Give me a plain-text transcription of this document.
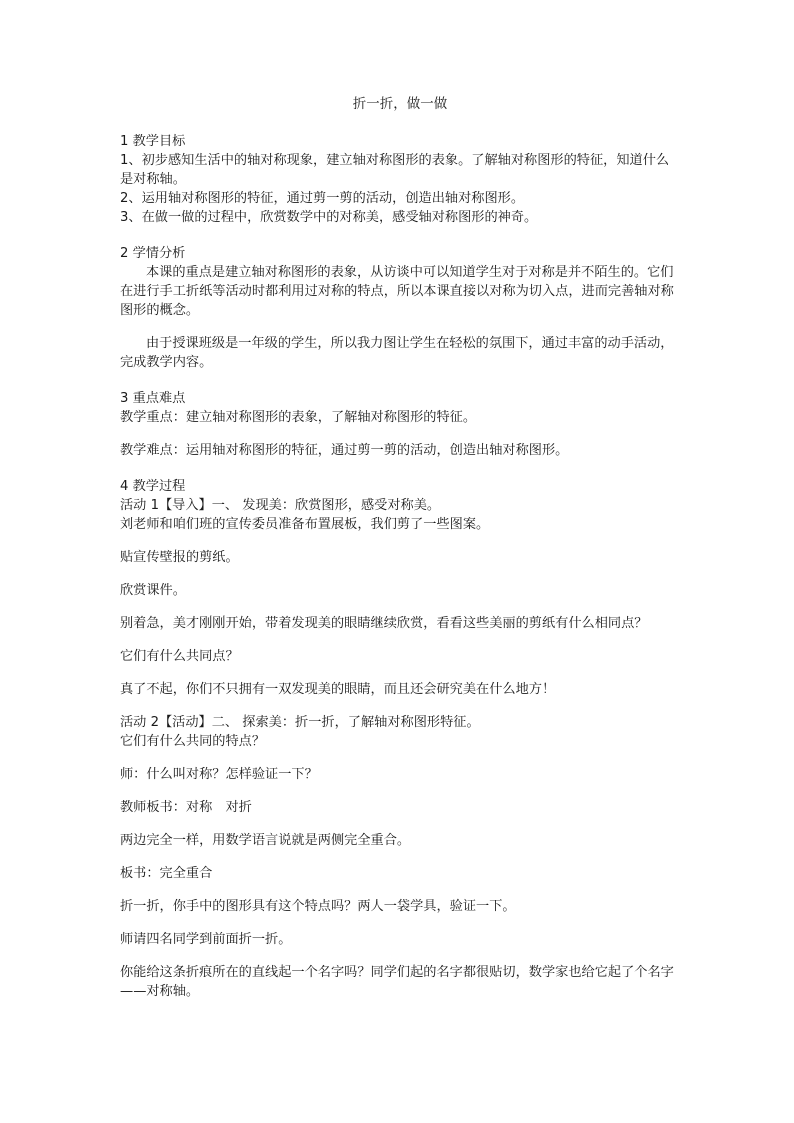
折一折，做一做

1 教学目标

1、初步感知生活中的轴对称现象，建立轴对称图形的表象。了解轴对称图形的特征，知道什么是对称轴。

2、运用轴对称图形的特征，通过剪一剪的活动，创造出轴对称图形。

3、在做一做的过程中，欣赏数学中的对称美，感受轴对称图形的神奇。

2 学情分析

本课的重点是建立轴对称图形的表象，从访谈中可以知道学生对于对称是并不陌生的。它们在进行手工折纸等活动时都利用过对称的特点，所以本课直接以对称为切入点，进而完善轴对称图形的概念。

由于授课班级是一年级的学生，所以我力图让学生在轻松的氛围下，通过丰富的动手活动，完成教学内容。

3 重点难点

教学重点：建立轴对称图形的表象，了解轴对称图形的特征。

教学难点：运用轴对称图形的特征，通过剪一剪的活动，创造出轴对称图形。

4 教学过程

活动 1【导入】一、 发现美：欣赏图形，感受对称美。

刘老师和咱们班的宣传委员准备布置展板，我们剪了一些图案。

贴宣传壁报的剪纸。

欣赏课件。

别着急，美才刚刚开始，带着发现美的眼睛继续欣赏，看看这些美丽的剪纸有什么相同点？

它们有什么共同点？

真了不起，你们不只拥有一双发现美的眼睛，而且还会研究美在什么地方！

活动 2【活动】二、 探索美：折一折，了解轴对称图形特征。

它们有什么共同的特点？

师：什么叫对称？怎样验证一下？

教师板书：对称　对折

两边完全一样，用数学语言说就是两侧完全重合。

板书：完全重合

折一折，你手中的图形具有这个特点吗？两人一袋学具，验证一下。

师请四名同学到前面折一折。

你能给这条折痕所在的直线起一个名字吗？同学们起的名字都很贴切，数学家也给它起了个名字——对称轴。
